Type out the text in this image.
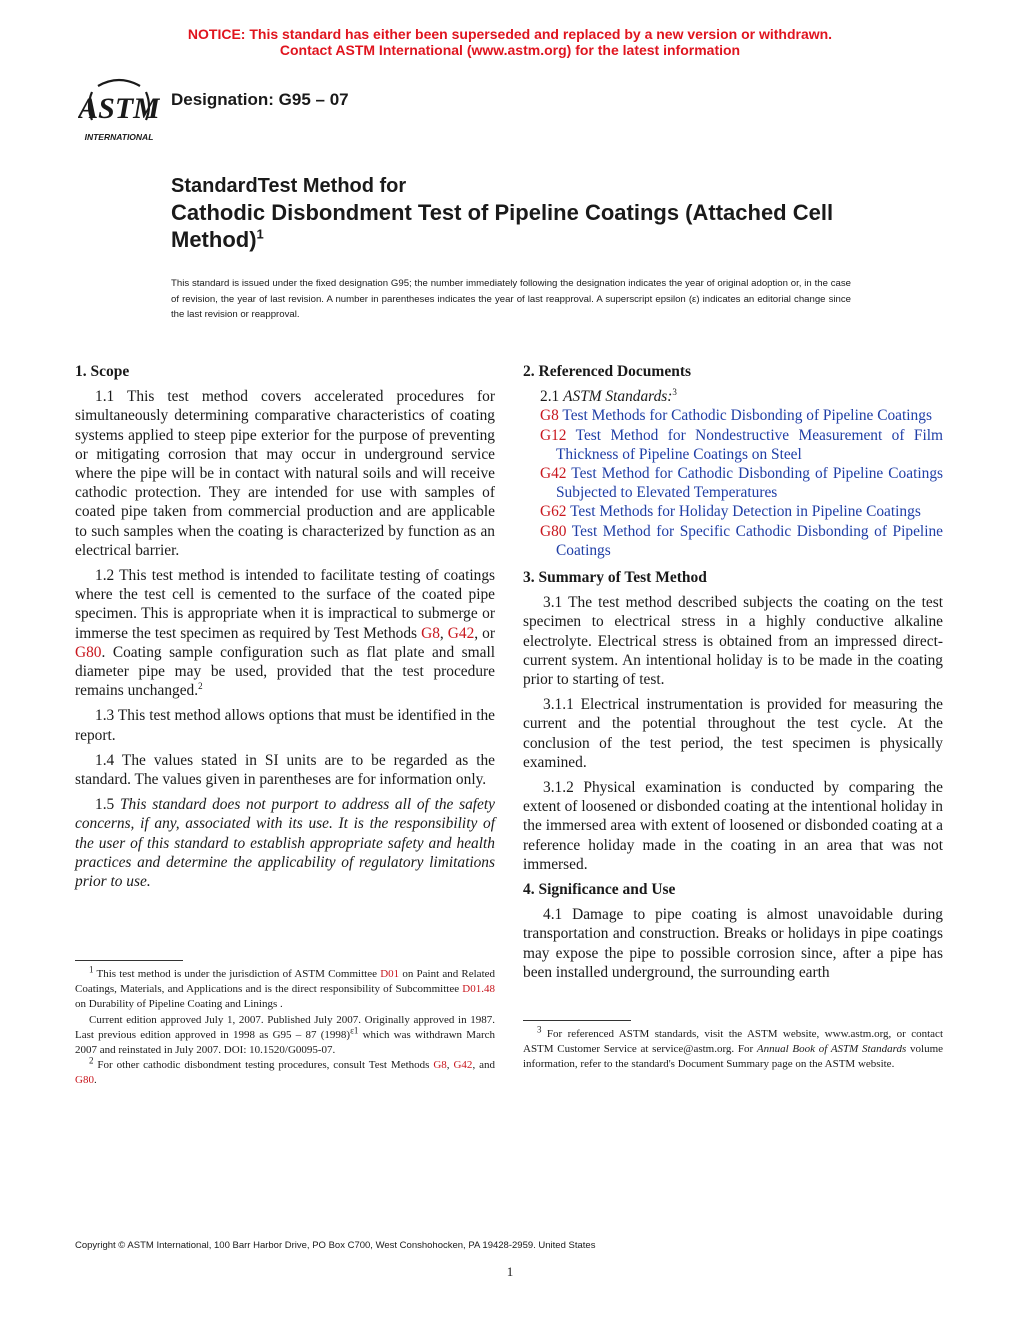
NOTICE: This standard has either been superseded and replaced by a new version or withdrawn.
Contact ASTM International (www.astm.org) for the latest information
ASTM
INTERNATIONAL
Designation: G95 – 07
StandardTest Method for
Cathodic Disbondment Test of Pipeline Coatings (Attached Cell Method)$^1$
This standard is issued under the fixed designation G95; the number immediately following the designation indicates the year of original adoption or, in the case of revision, the year of last revision. A number in parentheses indicates the year of last reapproval. A superscript epsilon (ε) indicates an editorial change since the last revision or reapproval.
1. Scope

1.1 This test method covers accelerated procedures for simultaneously determining comparative characteristics of coating systems applied to steep pipe exterior for the purpose of preventing or mitigating corrosion that may occur in underground service where the pipe will be in contact with natural soils and will receive cathodic protection. They are intended for use with samples of coated pipe taken from commercial production and are applicable to such samples when the coating is characterized by function as an electrical barrier.

1.2 This test method is intended to facilitate testing of coatings where the test cell is cemented to the surface of the coated pipe specimen. This is appropriate when it is impractical to submerge or immerse the test specimen as required by Test Methods G8, G42, or G80. Coating sample configuration such as flat plate and small diameter pipe may be used, provided that the test procedure remains unchanged.$^2$

1.3 This test method allows options that must be identified in the report.

1.4 The values stated in SI units are to be regarded as the standard. The values given in parentheses are for information only.

1.5 This standard does not purport to address all of the safety concerns, if any, associated with its use. It is the responsibility of the user of this standard to establish appropriate safety and health practices and determine the applicability of regulatory limitations prior to use.

2. Referenced Documents
2.1 ASTM Standards:$^3$
G8 Test Methods for Cathodic Disbonding of Pipeline Coatings
G12 Test Method for Nondestructive Measurement of Film Thickness of Pipeline Coatings on Steel
G42 Test Method for Cathodic Disbonding of Pipeline Coatings Subjected to Elevated Temperatures
G62 Test Methods for Holiday Detection in Pipeline Coatings
G80 Test Method for Specific Cathodic Disbonding of Pipeline Coatings
3. Summary of Test Method

3.1 The test method described subjects the coating on the test specimen to electrical stress in a highly conductive alkaline electrolyte. Electrical stress is obtained from an impressed direct-current system. An intentional holiday is to be made in the coating prior to starting of test.

3.1.1 Electrical instrumentation is provided for measuring the current and the potential throughout the test cycle. At the conclusion of the test period, the test specimen is physically examined.

3.1.2 Physical examination is conducted by comparing the extent of loosened or disbonded coating at the intentional holiday in the immersed area with extent of loosened or disbonded coating at a reference holiday made in the coating in an area that was not immersed.

4. Significance and Use

4.1 Damage to pipe coating is almost unavoidable during transportation and construction. Breaks or holidays in pipe coatings may expose the pipe to possible corrosion since, after a pipe has been installed underground, the surrounding earth

$^1$ This test method is under the jurisdiction of ASTM Committee D01 on Paint and Related Coatings, Materials, and Applications and is the direct responsibility of Subcommittee D01.48 on Durability of Pipeline Coating and Linings .

Current edition approved July 1, 2007. Published July 2007. Originally approved in 1987. Last previous edition approved in 1998 as G95 – 87 $(1998)^{\varepsilon 1}$ which was withdrawn March 2007 and reinstated in July 2007. DOI: 10.1520/G0095-07.

$^2$ For other cathodic disbondment testing procedures, consult Test Methods G8, G42, and G80.

$^3$ For referenced ASTM standards, visit the ASTM website, www.astm.org, or contact ASTM Customer Service at service@astm.org. For Annual Book of ASTM Standards volume information, refer to the standard's Document Summary page on the ASTM website.

Copyright © ASTM International, 100 Barr Harbor Drive, PO Box C700, West Conshohocken, PA 19428-2959. United States
1
